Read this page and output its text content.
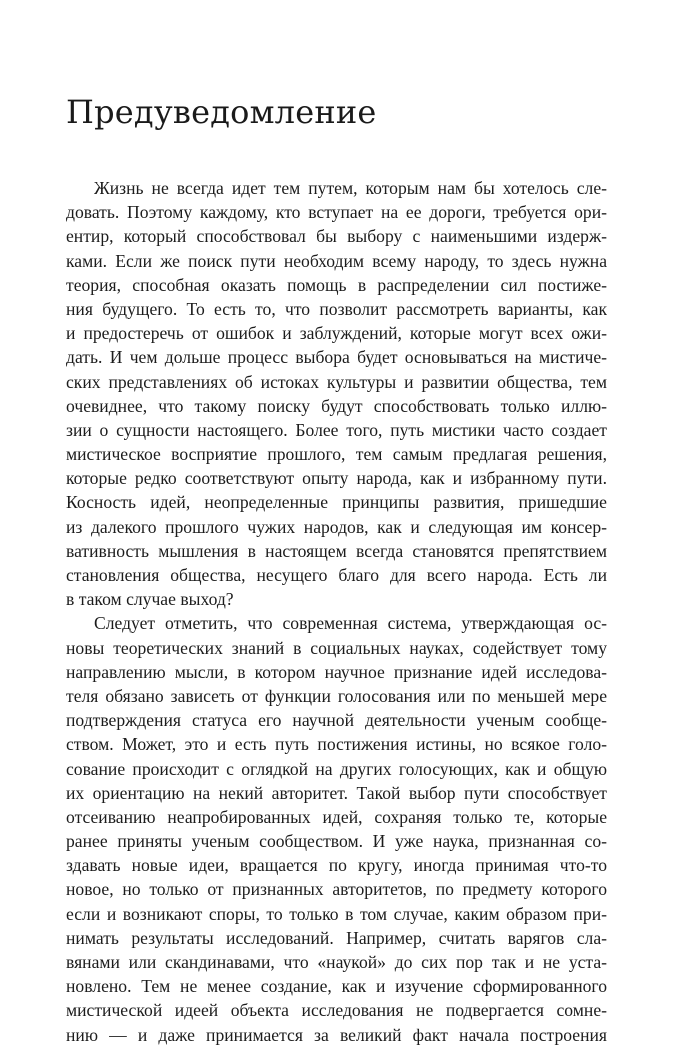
Предуведомление
Жизнь не всегда идет тем путем, которым нам бы хотелось сле-
довать. Поэтому каждому, кто вступает на ее дороги, требуется ори-
ентир, который способствовал бы выбору с наименьшими издерж-
ками. Если же поиск пути необходим всему народу, то здесь нужна
теория, способная оказать помощь в распределении сил постиже-
ния будущего. То есть то, что позволит рассмотреть варианты, как
и предостеречь от ошибок и заблуждений, которые могут всех ожи-
дать. И чем дольше процесс выбора будет основываться на мистиче-
ских представлениях об истоках культуры и развитии общества, тем
очевиднее, что такому поиску будут способствовать только иллю-
зии о сущности настоящего. Более того, путь мистики часто создает
мистическое восприятие прошлого, тем самым предлагая решения,
которые редко соответствуют опыту народа, как и избранному пути.
Косность идей, неопределенные принципы развития, пришедшие
из далекого прошлого чужих народов, как и следующая им консер-
вативность мышления в настоящем всегда становятся препятствием
становления общества, несущего благо для всего народа. Есть ли
в таком случае выход?
Следует отметить, что современная система, утверждающая ос-
новы теоретических знаний в социальных науках, содействует тому
направлению мысли, в котором научное признание идей исследова-
теля обязано зависеть от функции голосования или по меньшей мере
подтверждения статуса его научной деятельности ученым сообще-
ством. Может, это и есть путь постижения истины, но всякое голо-
сование происходит с оглядкой на других голосующих, как и общую
их ориентацию на некий авторитет. Такой выбор пути способствует
отсеиванию неапробированных идей, сохраняя только те, которые
ранее приняты ученым сообществом. И уже наука, признанная со-
здавать новые идеи, вращается по кругу, иногда принимая что-то
новое, но только от признанных авторитетов, по предмету которого
если и возникают споры, то только в том случае, каким образом при-
нимать результаты исследований. Например, считать варягов сла-
вянами или скандинавами, что «наукой» до сих пор так и не уста-
новлено. Тем не менее создание, как и изучение сформированного
мистической идеей объекта исследования не подвергается сомне-
нию — и даже принимается за великий факт начала построения
